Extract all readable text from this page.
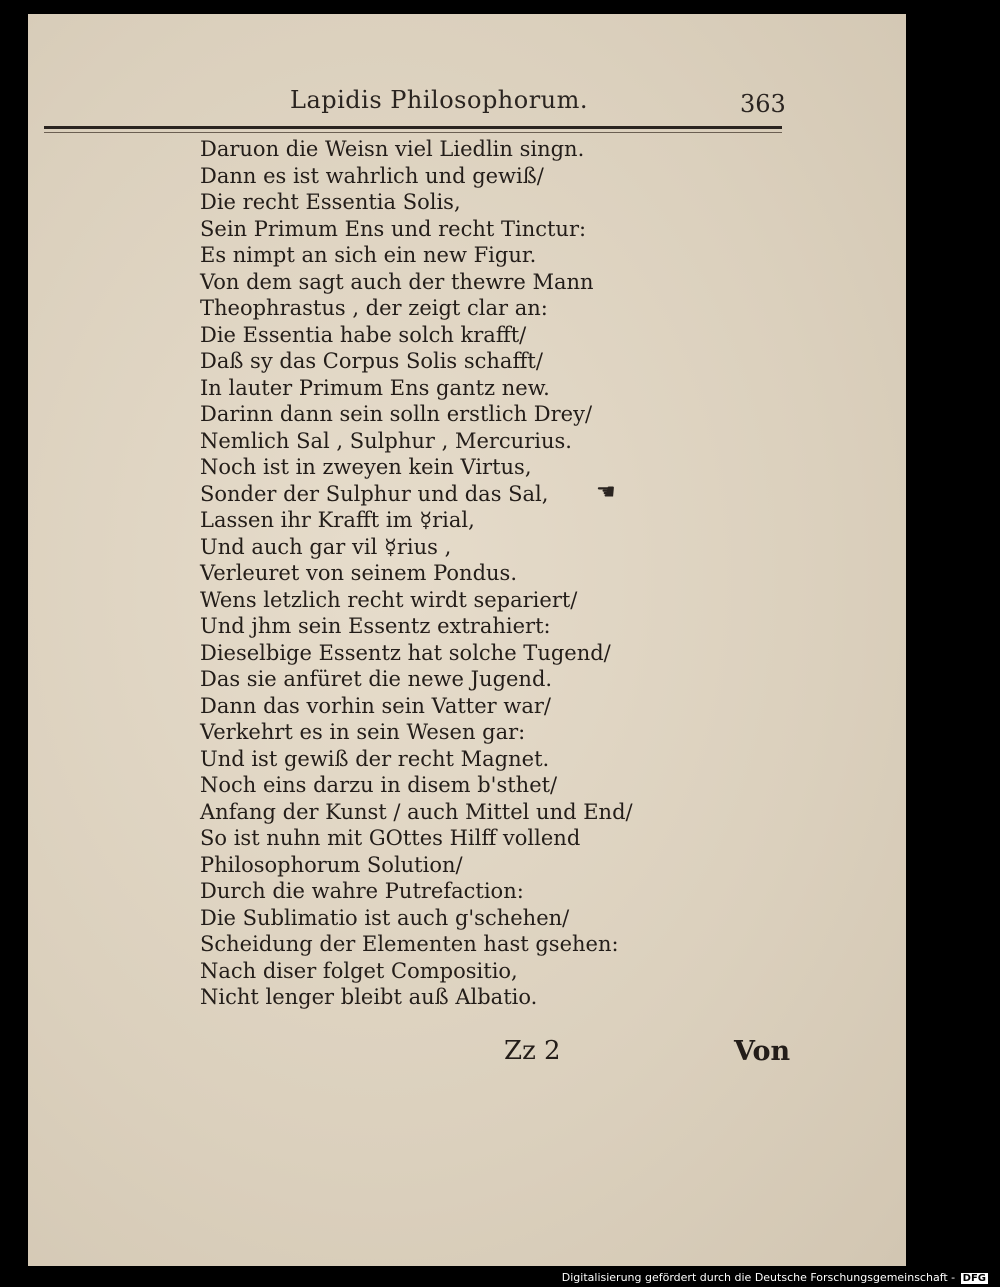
Lapidis Philosophorum.	363
Daruon die Weisn viel Liedlin singn.
Dann es ist wahrlich und gewiß/
Die recht Essentia Solis,
Sein Primum Ens und recht Tinctur:
Es nimpt an sich ein new Figur.
Von dem sagt auch der thewre Mann
Theophrastus , der zeigt clar an:
Die Essentia habe solch krafft/
Daß sy das Corpus Solis schafft/
In lauter Primum Ens gantz new.
Darinn dann sein solln erstlich Drey/
Nemlich Sal , Sulphur , Mercurius.
Noch ist in zweyen kein Virtus,
Sonder der Sulphur und das Sal,
Lassen ihr Krafft im ☿rial,
Und auch gar vil ☿rius ,
Verleuret von seinem Pondus.
Wens letzlich recht wirdt separiert/
Und jhm sein Essentz extrahiert:
Dieselbige Essentz hat solche Tugend/
Das sie anfüret die newe Jugend.
Dann das vorhin sein Vatter war/
Verkehrt es in sein Wesen gar:
Und ist gewiß der recht Magnet.
Noch eins darzu in disem b'sthet/
Anfang der Kunst / auch Mittel und End/
So ist nuhn mit GOttes Hilff vollend
Philosophorum Solution/
Durch die wahre Putrefaction:
Die Sublimatio ist auch g'schehen/
Scheidung der Elementen hast gsehen:
Nach diser folget Compositio,
Nicht lenger bleibt auß Albatio.
☚
Zz 2	Von
Digitalisierung gefördert durch die Deutsche Forschungsgemeinschaft - DFG
